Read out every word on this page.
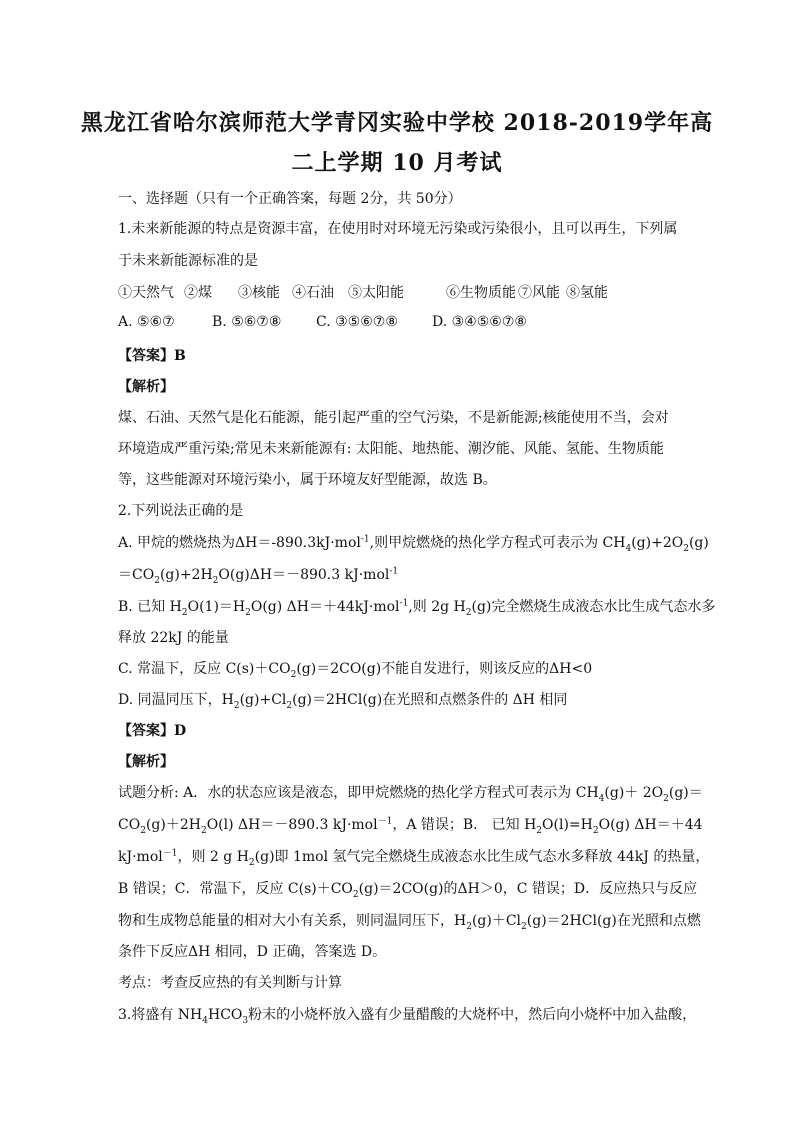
黑龙江省哈尔滨师范大学青冈实验中学校 2018-2019学年高
二上学期 10 月考试
一、选择题（只有一个正确答案，每题 2分，共 50分）
1.未来新能源的特点是资源丰富，在使用时对环境无污染或污染很小，且可以再生，下列属
于未来新能源标准的是
①天然气 ②煤 ③核能 ④石油 ⑤太阳能	⑥生物质能 ⑦风能 ⑧氢能
A. ⑤⑥⑦	B. ⑤⑥⑦⑧ C. ③⑤⑥⑦⑧ D. ③④⑤⑥⑦⑧
【答案】B
【解析】
煤、石油、天然气是化石能源，能引起严重的空气污染，不是新能源;核能使用不当，会对
环境造成严重污染;常见未来新能源有: 太阳能、地热能、潮汐能、风能、氢能、生物质能
等，这些能源对环境污染小，属于环境友好型能源，故选 B。
2.下列说法正确的是
A. 甲烷的燃烧热为ΔH＝-890.3kJ·mol$^{-1}$,则甲烷燃烧的热化学方程式可表示为 $CH_4(g)+2O_2(g)$
$=CO_2(g)+2H_2O(g)\Delta H=-890.3$ kJ·mol$^{-1}$
B. 已知 $H_2O(1)=H_2O(g)$ ΔH＝＋44kJ·mol$^{-1}$,则 2g $H_2(g)$完全燃烧生成液态水比生成气态水多
释放 22kJ 的能量
C. 常温下，反应 $C(s)+CO_2(g)=2CO(g)$不能自发进行，则该反应的ΔH<0
D. 同温同压下，$H_2(g)+Cl_2(g)=2HCl(g)$在光照和点燃条件的 ΔH 相同
【答案】D
【解析】
试题分析: A．水的状态应该是液态，即甲烷燃烧的热化学方程式可表示为 $CH_4(g)+ 2O_2(g)=$
$CO_2(g)+2H_2O(l)$ ΔH＝－890.3 kJ·mol$^{-1}$，A 错误；B． 已知 $H_2O(l)=H_2O(g)$ ΔH＝＋44
kJ·mol$^{-1}$，则 2 g $H_2(g)$即 1mol 氢气完全燃烧生成液态水比生成气态水多释放 44kJ 的热量，
B 错误；C．常温下，反应 $C(s)+CO_2(g)=2CO(g)$的ΔH＞0，C 错误；D．反应热只与反应
物和生成物总能量的相对大小有关系，则同温同压下，$H_2(g)+Cl_2(g)=2HCl(g)$在光照和点燃
条件下反应ΔH 相同，D 正确，答案选 D。
考点：考查反应热的有关判断与计算
3.将盛有 $NH_4HCO_3$粉末的小烧杯放入盛有少量醋酸的大烧杯中，然后向小烧杯中加入盐酸，
